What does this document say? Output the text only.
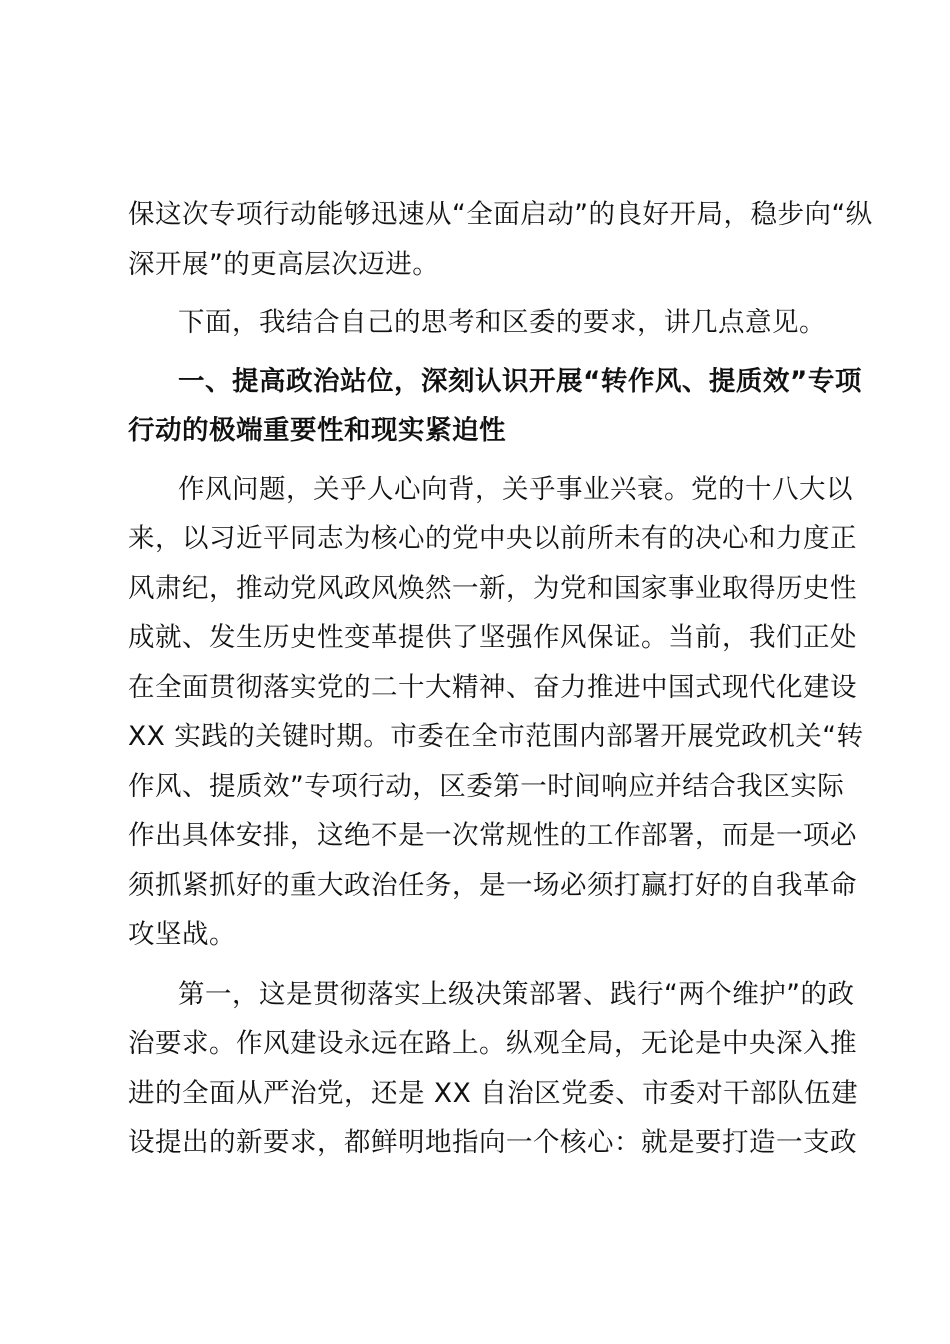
保这次专项行动能够迅速从“全面启动”的良好开局，稳步向“纵
深开展”的更高层次迈进。
下面，我结合自己的思考和区委的要求，讲几点意见。
一、提高政治站位，深刻认识开展“转作风、提质效”专项
行动的极端重要性和现实紧迫性
作风问题，关乎人心向背，关乎事业兴衰。党的十八大以
来，以习近平同志为核心的党中央以前所未有的决心和力度正
风肃纪，推动党风政风焕然一新，为党和国家事业取得历史性
成就、发生历史性变革提供了坚强作风保证。当前，我们正处
在全面贯彻落实党的二十大精神、奋力推进中国式现代化建设
XX 实践的关键时期。市委在全市范围内部署开展党政机关“转
作风、提质效”专项行动，区委第一时间响应并结合我区实际
作出具体安排，这绝不是一次常规性的工作部署，而是一项必
须抓紧抓好的重大政治任务，是一场必须打赢打好的自我革命
攻坚战。
第一，这是贯彻落实上级决策部署、践行“两个维护”的政
治要求。作风建设永远在路上。纵观全局，无论是中央深入推
进的全面从严治党，还是 XX 自治区党委、市委对干部队伍建
设提出的新要求，都鲜明地指向一个核心：就是要打造一支政
